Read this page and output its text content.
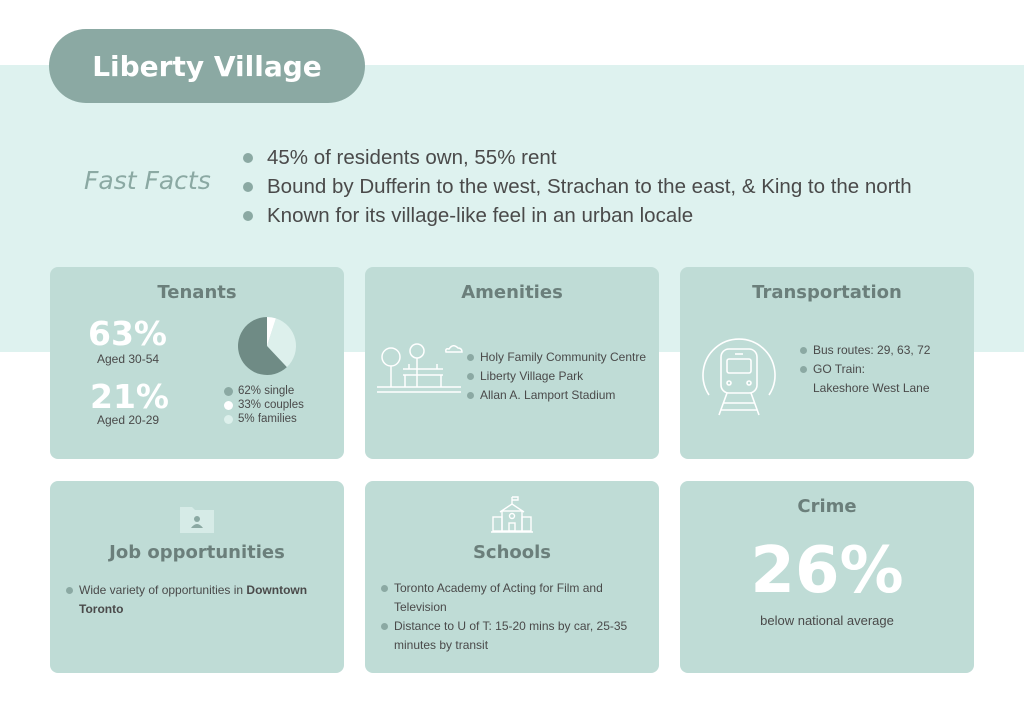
Liberty Village
Fast Facts
45% of residents own, 55% rent
Bound by Dufferin to the west, Strachan to the east, & King to the north
Known for its village-like feel in an urban locale
Tenants
63%
Aged 30-54
21%
Aged 20-29
62% single
33% couples
5% families
Amenities
Holy Family Community Centre
Liberty Village Park
Allan A. Lamport Stadium
Transportation
Bus routes: 29, 63, 72
GO Train:
Lakeshore West Lane
Job opportunities
Wide variety of opportunities in Downtown Toronto
Schools
Toronto Academy of Acting for Film and Television
Distance to U of T: 15-20 mins by car, 25-35 minutes by transit
Crime
26%
below national average
